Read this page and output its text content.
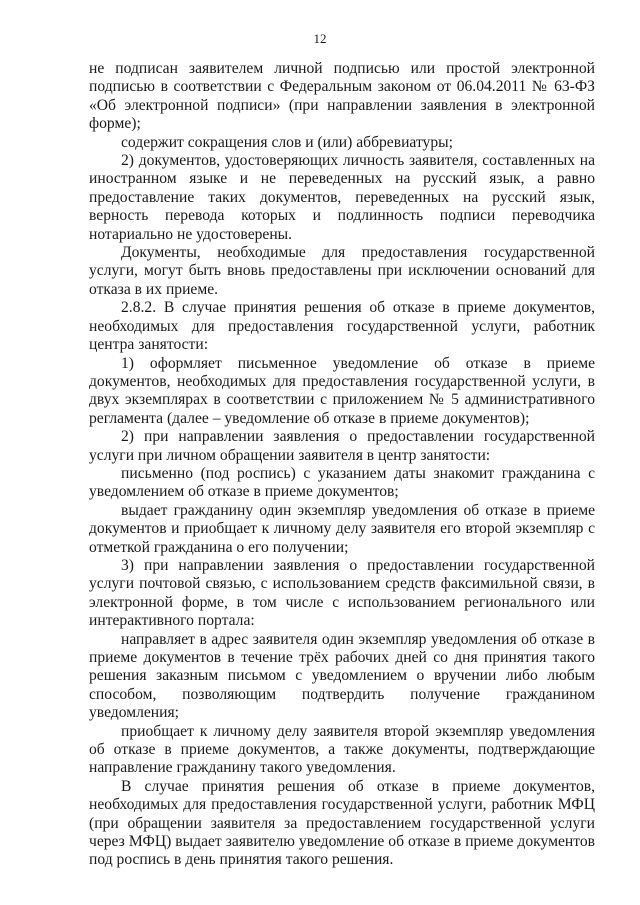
12

не подписан заявителем личной подписью или простой электронной подписью в соответствии с Федеральным законом от 06.04.2011 № 63-ФЗ «Об электронной подписи» (при направлении заявления в электронной форме);

содержит сокращения слов и (или) аббревиатуры;

2) документов, удостоверяющих личность заявителя, составленных на иностранном языке и не переведенных на русский язык, а равно предоставление таких документов, переведенных на русский язык, верность перевода которых и подлинность подписи переводчика нотариально не удостоверены.

Документы, необходимые для предоставления государственной услуги, могут быть вновь предоставлены при исключении оснований для отказа в их приеме.

2.8.2. В случае принятия решения об отказе в приеме документов, необходимых для предоставления государственной услуги, работник центра занятости:

1) оформляет письменное уведомление об отказе в приеме документов, необходимых для предоставления государственной услуги, в двух экземплярах в соответствии с приложением № 5 административного регламента (далее – уведомление об отказе в приеме документов);

2) при направлении заявления о предоставлении государственной услуги при личном обращении заявителя в центр занятости:

письменно (под роспись) с указанием даты знакомит гражданина с уведомлением об отказе в приеме документов;

выдает гражданину один экземпляр уведомления об отказе в приеме документов и приобщает к личному делу заявителя его второй экземпляр с отметкой гражданина о его получении;

3) при направлении заявления о предоставлении государственной услуги почтовой связью, с использованием средств факсимильной связи, в электронной форме, в том числе с использованием регионального или интерактивного портала:

направляет в адрес заявителя один экземпляр уведомления об отказе в приеме документов в течение трёх рабочих дней со дня принятия такого решения заказным письмом с уведомлением о вручении либо любым способом, позволяющим подтвердить получение гражданином уведомления;

приобщает к личному делу заявителя второй экземпляр уведомления об отказе в приеме документов, а также документы, подтверждающие направление гражданину такого уведомления.

В случае принятия решения об отказе в приеме документов, необходимых для предоставления государственной услуги, работник МФЦ (при обращении заявителя за предоставлением государственной услуги через МФЦ) выдает заявителю уведомление об отказе в приеме документов под роспись в день принятия такого решения.
